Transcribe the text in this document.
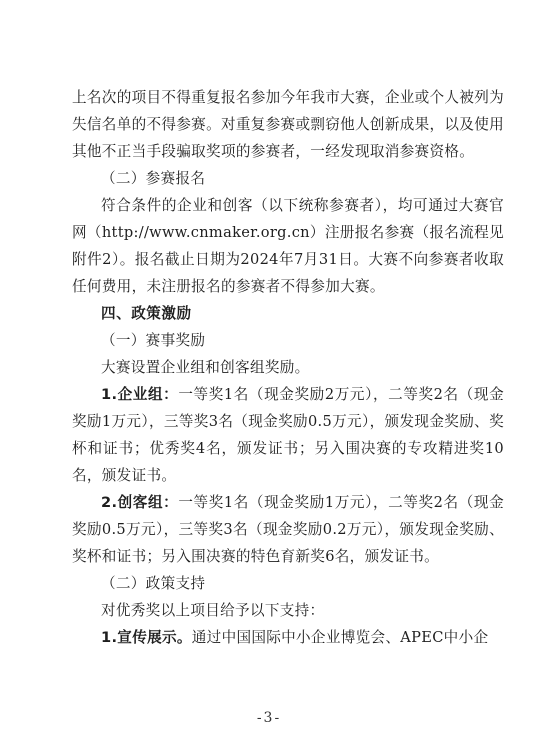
上名次的项目不得重复报名参加今年我市大赛，企业或个人被列为失信名单的不得参赛。对重复参赛或剽窃他人创新成果，以及使用其他不正当手段骗取奖项的参赛者，一经发现取消参赛资格。

（二）参赛报名

符合条件的企业和创客（以下统称参赛者），均可通过大赛官网（http://www.cnmaker.org.cn）注册报名参赛（报名流程见附件2）。报名截止日期为2024年7月31日。大赛不向参赛者收取任何费用，未注册报名的参赛者不得参加大赛。

四、政策激励

（一）赛事奖励

大赛设置企业组和创客组奖励。

1.企业组：一等奖1名（现金奖励2万元），二等奖2名（现金奖励1万元），三等奖3名（现金奖励0.5万元），颁发现金奖励、奖杯和证书；优秀奖4名，颁发证书；另入围决赛的专攻精进奖10名，颁发证书。

2.创客组：一等奖1名（现金奖励1万元），二等奖2名（现金奖励0.5万元），三等奖3名（现金奖励0.2万元），颁发现金奖励、奖杯和证书；另入围决赛的特色育新奖6名，颁发证书。

（二）政策支持

对优秀奖以上项目给予以下支持：

1.宣传展示。通过中国国际中小企业博览会、APEC中小企

-3-
